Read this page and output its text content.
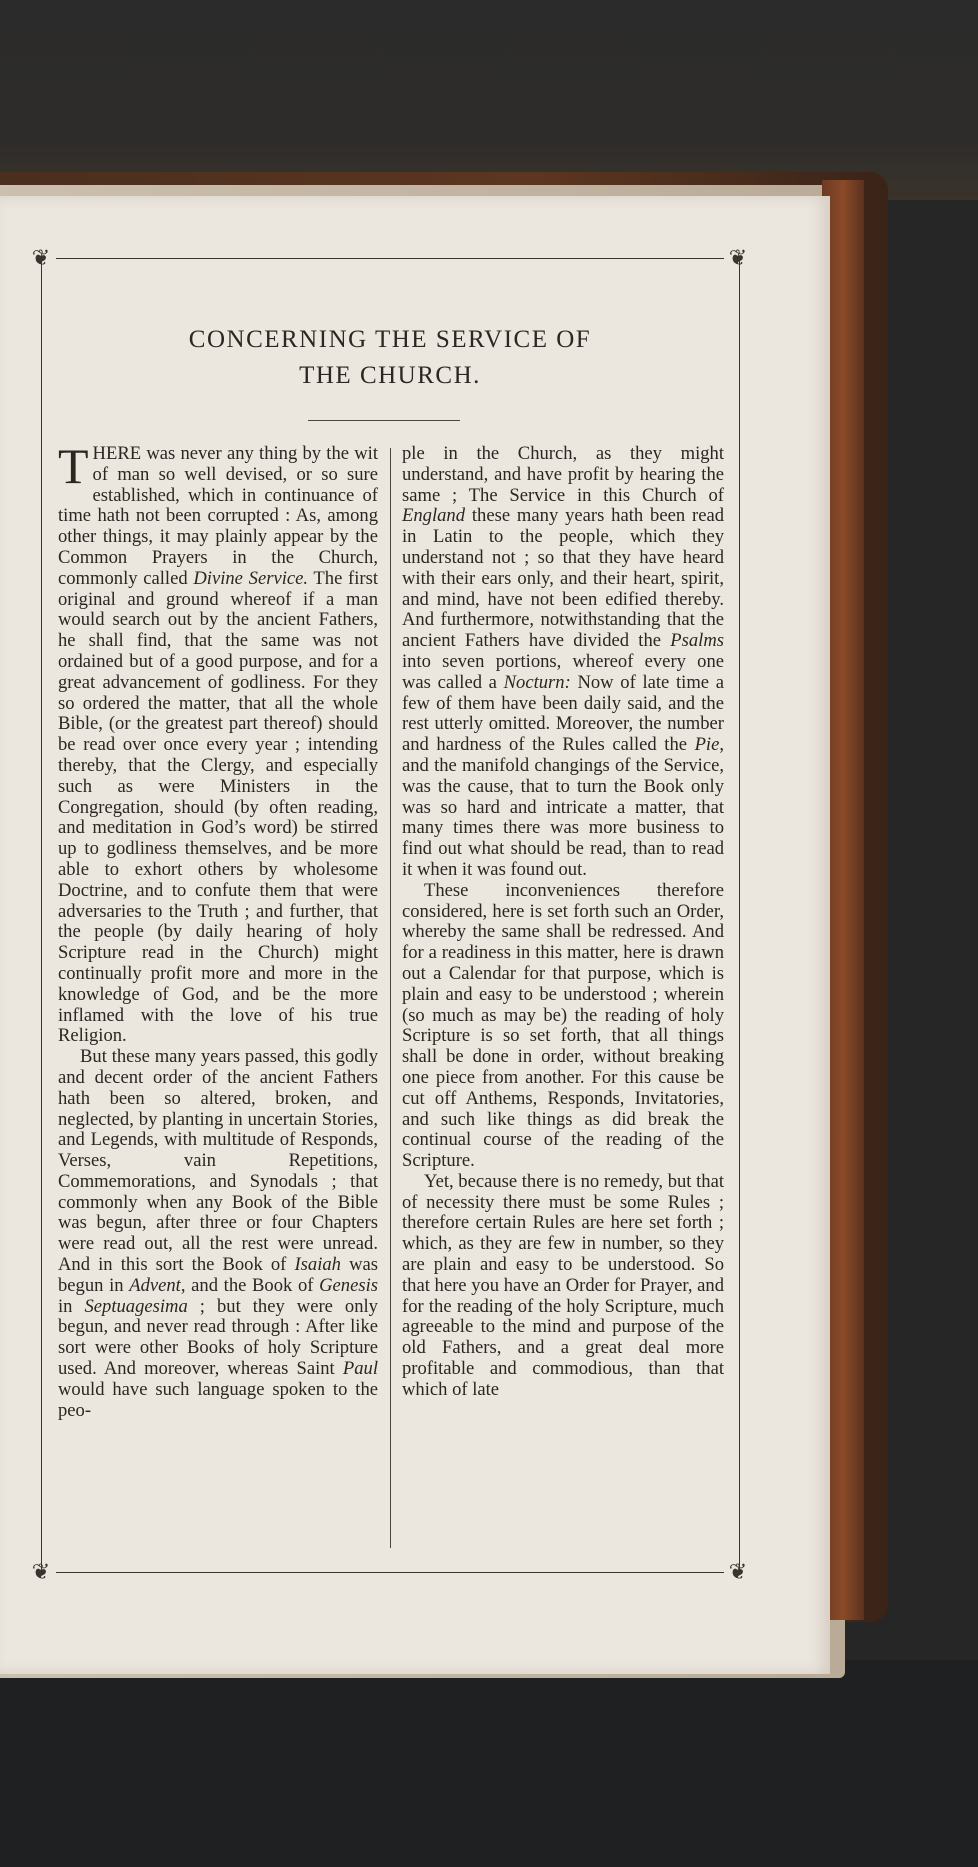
❦	❦
❦	❦
CONCERNING THE SERVICE OF
THE CHURCH.

THERE was never any thing by the wit of man so well devised, or so sure established, which in continuance of time hath not been corrupted : As, among other things, it may plainly appear by the Common Prayers in the Church, commonly called Divine Service. The first original and ground whereof if a man would search out by the ancient Fathers, he shall find, that the same was not ordained but of a good purpose, and for a great advancement of godliness. For they so ordered the matter, that all the whole Bible, (or the greatest part thereof) should be read over once every year ; intending thereby, that the Clergy, and especially such as were Ministers in the Congregation, should (by often reading, and meditation in God’s word) be stirred up to godliness themselves, and be more able to exhort others by wholesome Doctrine, and to confute them that were adversaries to the Truth ; and further, that the people (by daily hearing of holy Scripture read in the Church) might continually profit more and more in the knowledge of God, and be the more inflamed with the love of his true Religion.

But these many years passed, this godly and decent order of the ancient Fathers hath been so altered, broken, and neglected, by planting in uncertain Stories, and Legends, with multitude of Responds, Verses, vain Repetitions, Commemorations, and Synodals ; that commonly when any Book of the Bible was begun, after three or four Chapters were read out, all the rest were unread. And in this sort the Book of Isaiah was begun in Advent, and the Book of Genesis in Septuagesima ; but they were only begun, and never read through : After like sort were other Books of holy Scripture used. And moreover, whereas Saint Paul would have such language spoken to the peo-

ple in the Church, as they might understand, and have profit by hearing the same ; The Service in this Church of England these many years hath been read in Latin to the people, which they understand not ; so that they have heard with their ears only, and their heart, spirit, and mind, have not been edified thereby. And furthermore, notwithstanding that the ancient Fathers have divided the Psalms into seven portions, whereof every one was called a Nocturn: Now of late time a few of them have been daily said, and the rest utterly omitted. Moreover, the number and hardness of the Rules called the Pie, and the manifold changings of the Service, was the cause, that to turn the Book only was so hard and intricate a matter, that many times there was more business to find out what should be read, than to read it when it was found out.

These inconveniences therefore considered, here is set forth such an Order, whereby the same shall be redressed. And for a readiness in this matter, here is drawn out a Calendar for that purpose, which is plain and easy to be understood ; wherein (so much as may be) the reading of holy Scripture is so set forth, that all things shall be done in order, without breaking one piece from another. For this cause be cut off Anthems, Responds, Invitatories, and such like things as did break the continual course of the reading of the Scripture.

Yet, because there is no remedy, but that of necessity there must be some Rules ; therefore certain Rules are here set forth ; which, as they are few in number, so they are plain and easy to be understood. So that here you have an Order for Prayer, and for the reading of the holy Scripture, much agreeable to the mind and purpose of the old Fathers, and a great deal more profitable and commodious, than that which of late
